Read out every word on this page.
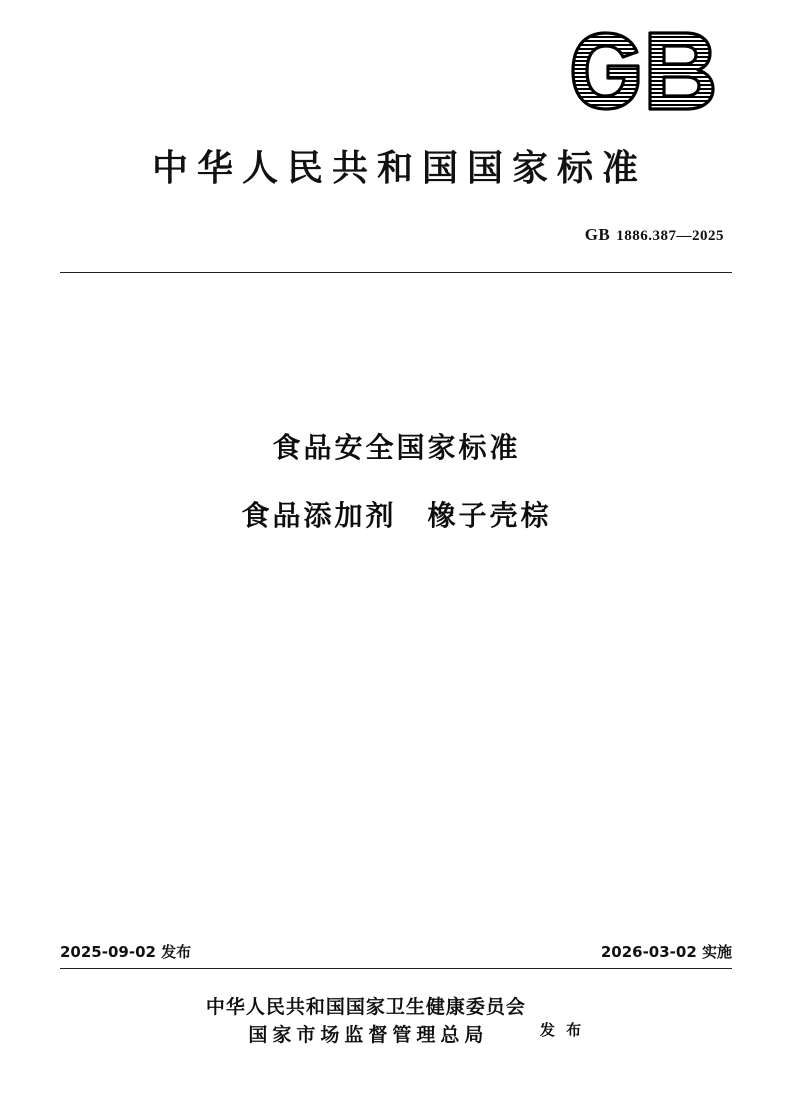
中华人民共和国国家标准
GB 1886.387—2025
食品安全国家标准
食品添加剂　橡子壳棕
2025-09-02 发布	2026-03-02 实施
中华人民共和国国家卫生健康委员会
国家市场监督管理总局	发 布
